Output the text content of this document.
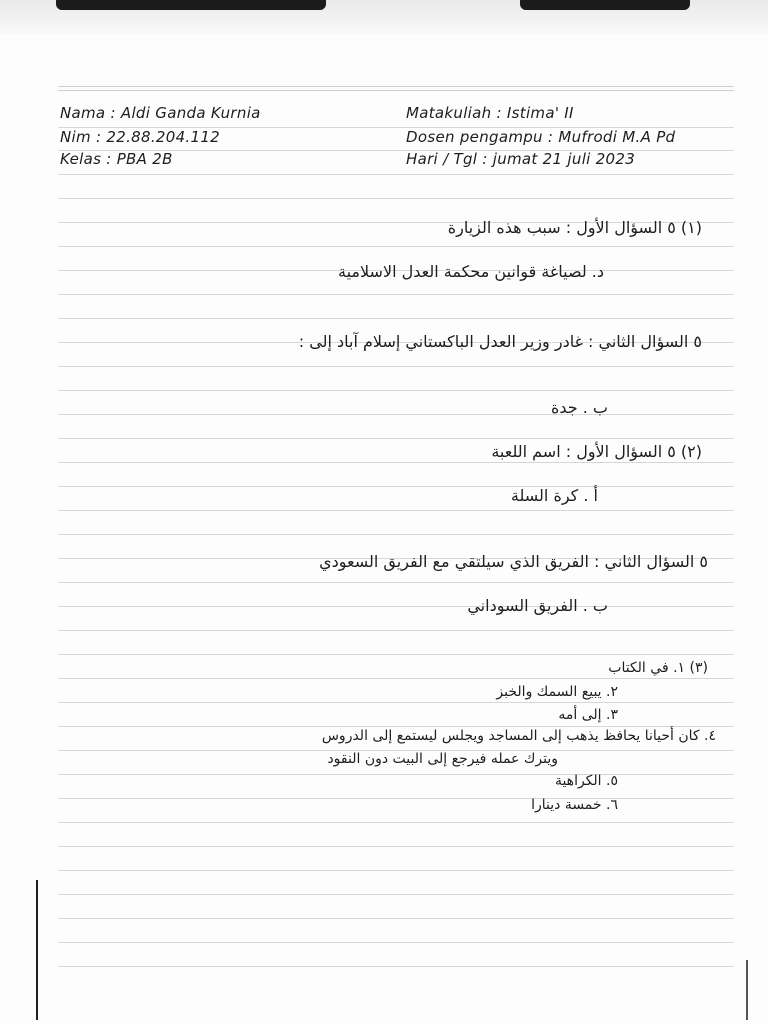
Nama : Aldi Ganda Kurnia
Nim : 22.88.204.112
Kelas : PBA 2B
Matakuliah : Istima' II
Dosen pengampu : Mufrodi M.A Pd
Hari / Tgl : jumat 21 juli 2023
(١) ٥ السؤال الأول : سبب هذه الزيارة
د. لصياغة قوانين محكمة العدل الاسلامية
٥ السؤال الثاني : غادر وزير العدل الباكستاني إسلام آباد إلى :
ب . جدة
(٢) ٥ السؤال الأول : اسم اللعبة
أ . كرة السلة
٥ السؤال الثاني : الفريق الذي سيلتقي مع الفريق السعودي
ب . الفريق السوداني
(٣) ١. في الكتاب
٢. يبيع السمك والخبز
٣. إلى أمه
٤. كان أحيانا يحافظ يذهب إلى المساجد ويجلس ليستمع إلى الدروس
ويترك عمله فيرجع إلى البيت دون النقود
٥. الكراهية
٦. خمسة دينارا
